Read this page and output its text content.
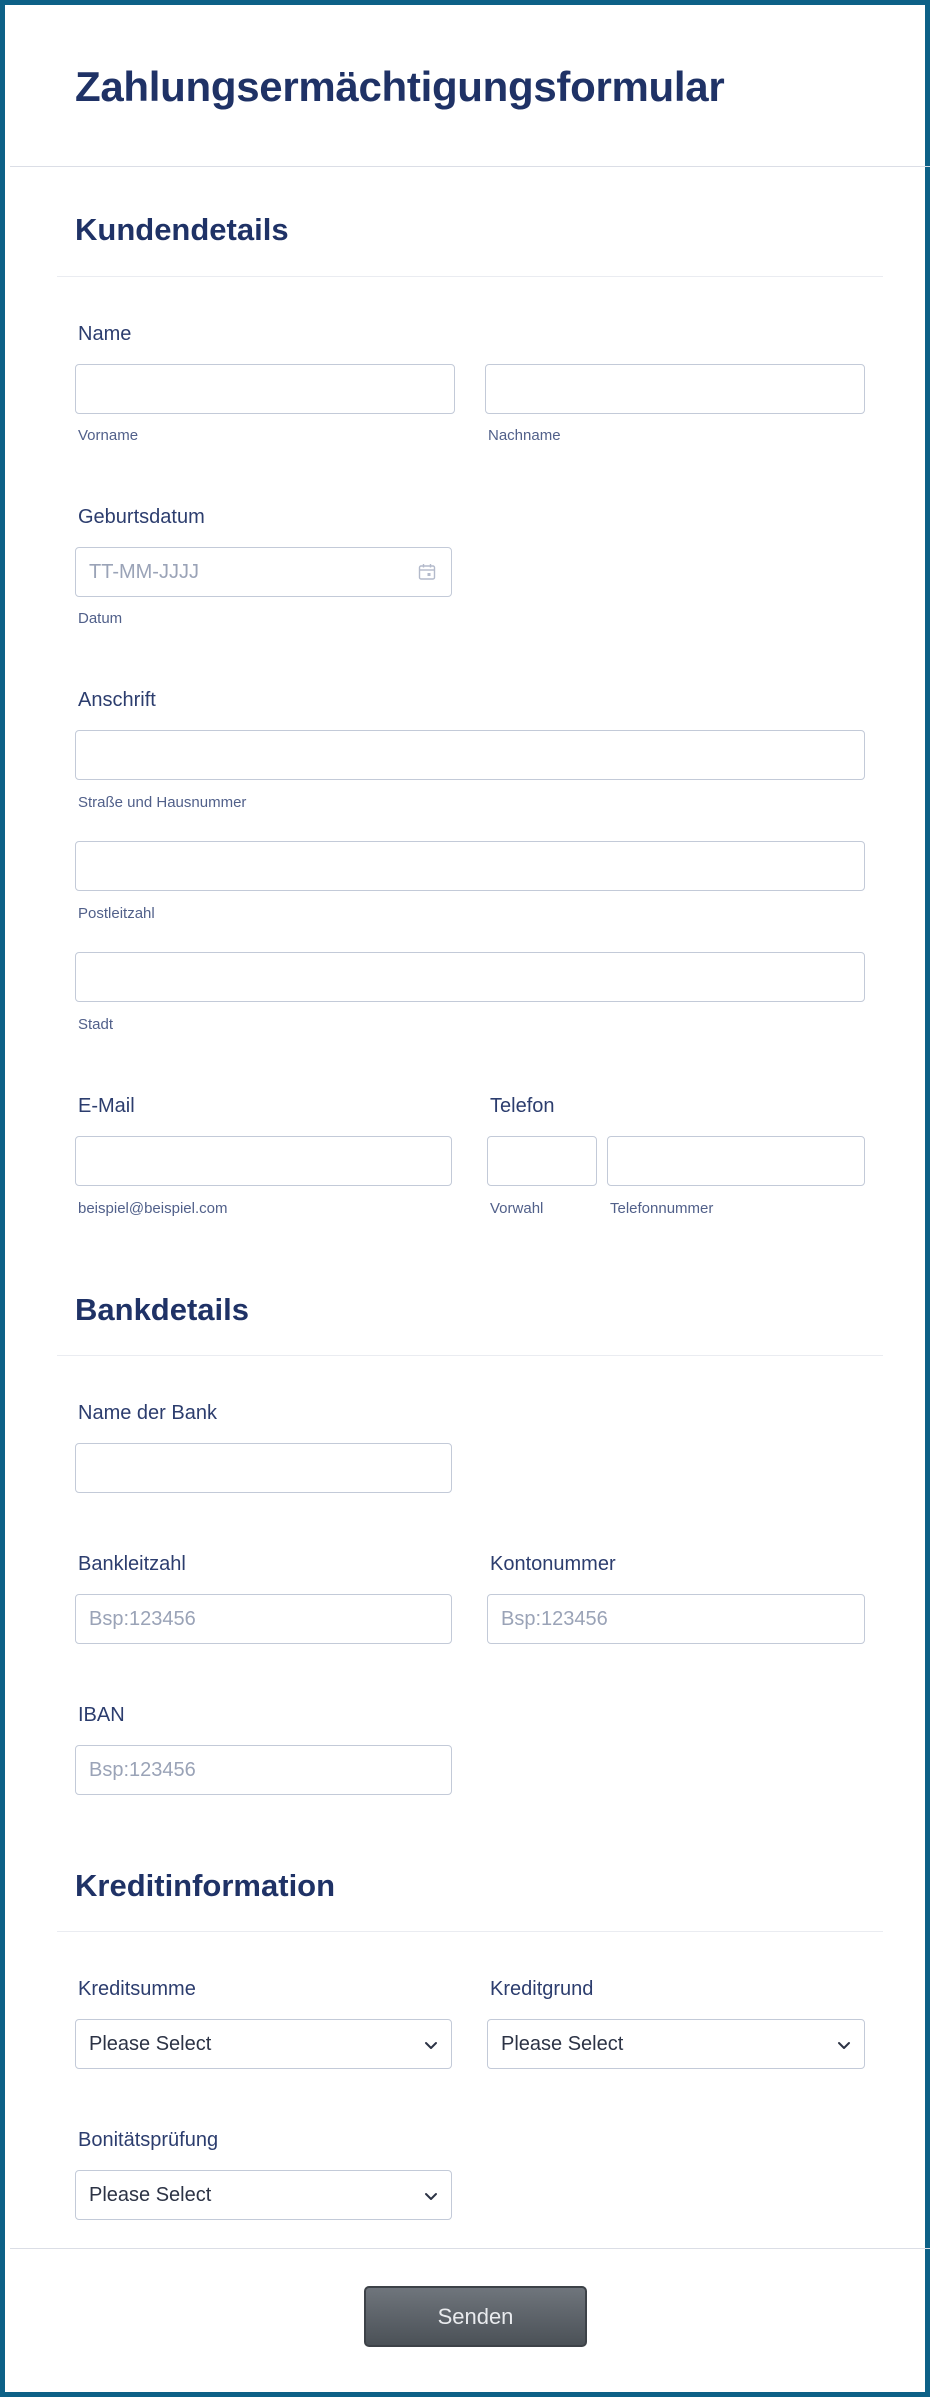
Zahlungsermächtigungsformular
Kundendetails
Name
Vorname	Nachname
Geburtsdatum
TT-MM-JJJJ
Datum
Anschrift
Straße und Hausnummer
Postleitzahl
Stadt
E-Mail	Telefon
beispiel@beispiel.com	Vorwahl	Telefonnummer
Bankdetails
Name der Bank
Bankleitzahl	Kontonummer
Bsp:123456	Bsp:123456
IBAN
Bsp:123456
Kreditinformation
Kreditsumme	Kreditgrund
Please Select	Please Select
Bonitätsprüfung
Please Select
Senden
